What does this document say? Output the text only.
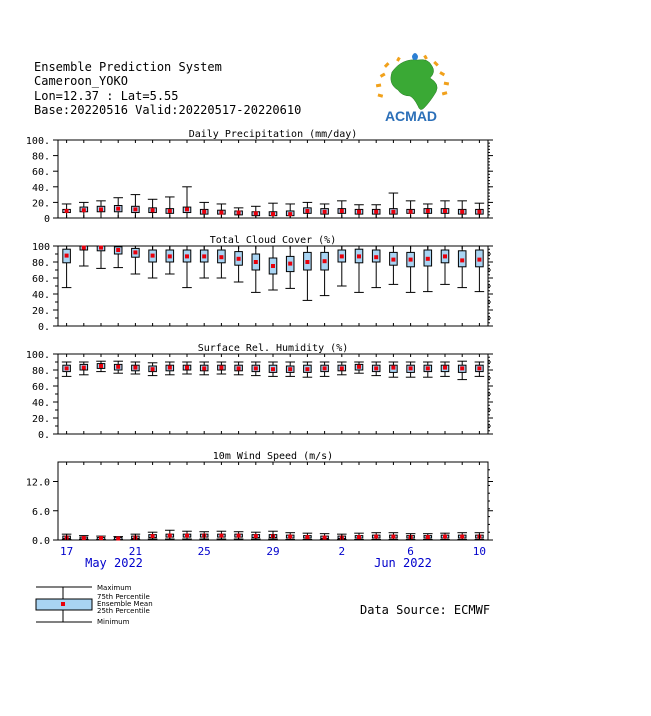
Ensemble Prediction System
Cameroon_YOKO
Lon=12.37 : Lat=5.55
Base:20220516 Valid:20220517-20220610	ACMAD
Daily Precipitation (mm/day)
0
20.
40.
60.
80.
100.
Total Cloud Cover (%)
0.
20.
40.
60.
80.
100
Surface Rel. Humidity (%)
0.
20.
40.
60.
80.
100.
10m Wind Speed (m/s)
0.0
6.0
12.0
17	21	25	29	2	6	10
May 2022	Jun 2022
Maximum
75th Percentile
Ensemble Mean
25th Percentile
Minimum
Data Source: ECMWF
